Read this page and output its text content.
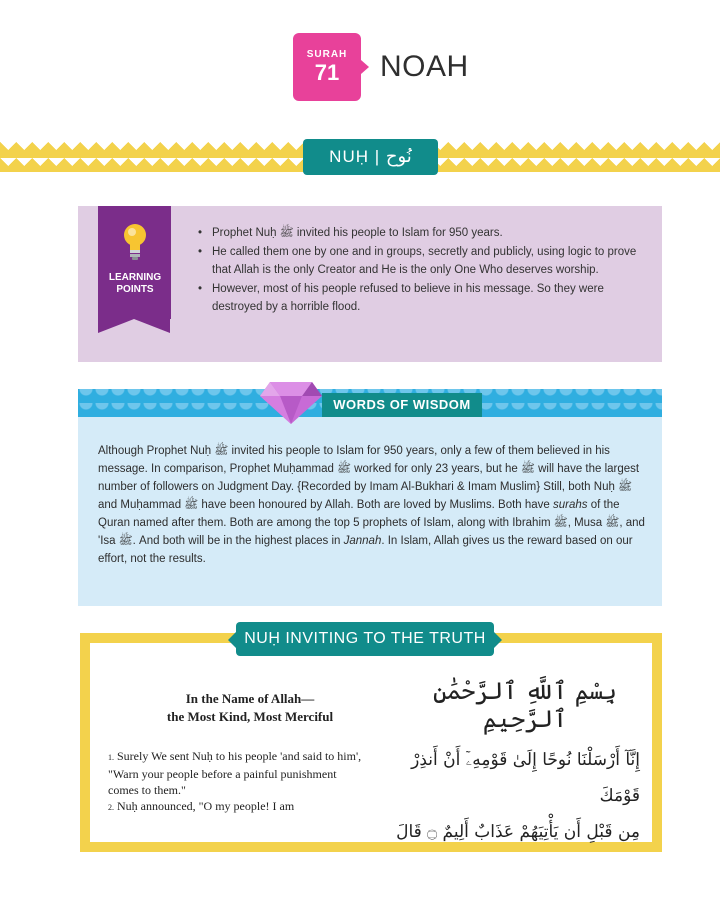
SURAH
71	NOAH
NUḤ | نُوح
LEARNING
POINTS
• Prophet Nuḥ ﷺ invited his people to Islam for 950 years.
• He called them one by one and in groups, secretly and publicly, using logic to prove that Allah is the only Creator and He is the only One Who deserves worship.
• However, most of his people refused to believe in his message. So they were destroyed by a horrible flood.
WORDS OF WISDOM
Although Prophet Nuḥ ﷺ invited his people to Islam for 950 years, only a few of them believed in his message. In comparison, Prophet Muḥammad ﷺ worked for only 23 years, but he ﷺ will have the largest number of followers on Judgment Day. {Recorded by Imam Al-Bukhari & Imam Muslim} Still, both Nuḥ ﷺ and Muḥammad ﷺ have been honoured by Allah. Both are loved by Muslims. Both have surahs of the Quran named after them. Both are among the top 5 prophets of Islam, along with Ibrahim ﷺ, Musa ﷺ, and 'Isa ﷺ. And both will be in the highest places in Jannah. In Islam, Allah gives us the reward based on our effort, not the results.
NUḤ INVITING TO THE TRUTH
In the Name of Allah—
the Most Kind, Most Merciful
بِسْمِ ٱللَّهِ ٱلرَّحْمَٰنِ ٱلرَّحِيمِ
1. Surely We sent Nuḥ to his people 'and said to him', "Warn your people before a painful punishment comes to them."
2. Nuḥ announced, "O my people! I am
إِنَّآ أَرْسَلْنَا نُوحًا إِلَىٰ قَوْمِهِۦٓ أَنْ أَنذِرْ قَوْمَكَ
مِن قَبْلِ أَن يَأْتِيَهُمْ عَذَابٌ أَلِيمٌ ۝ قَالَ
